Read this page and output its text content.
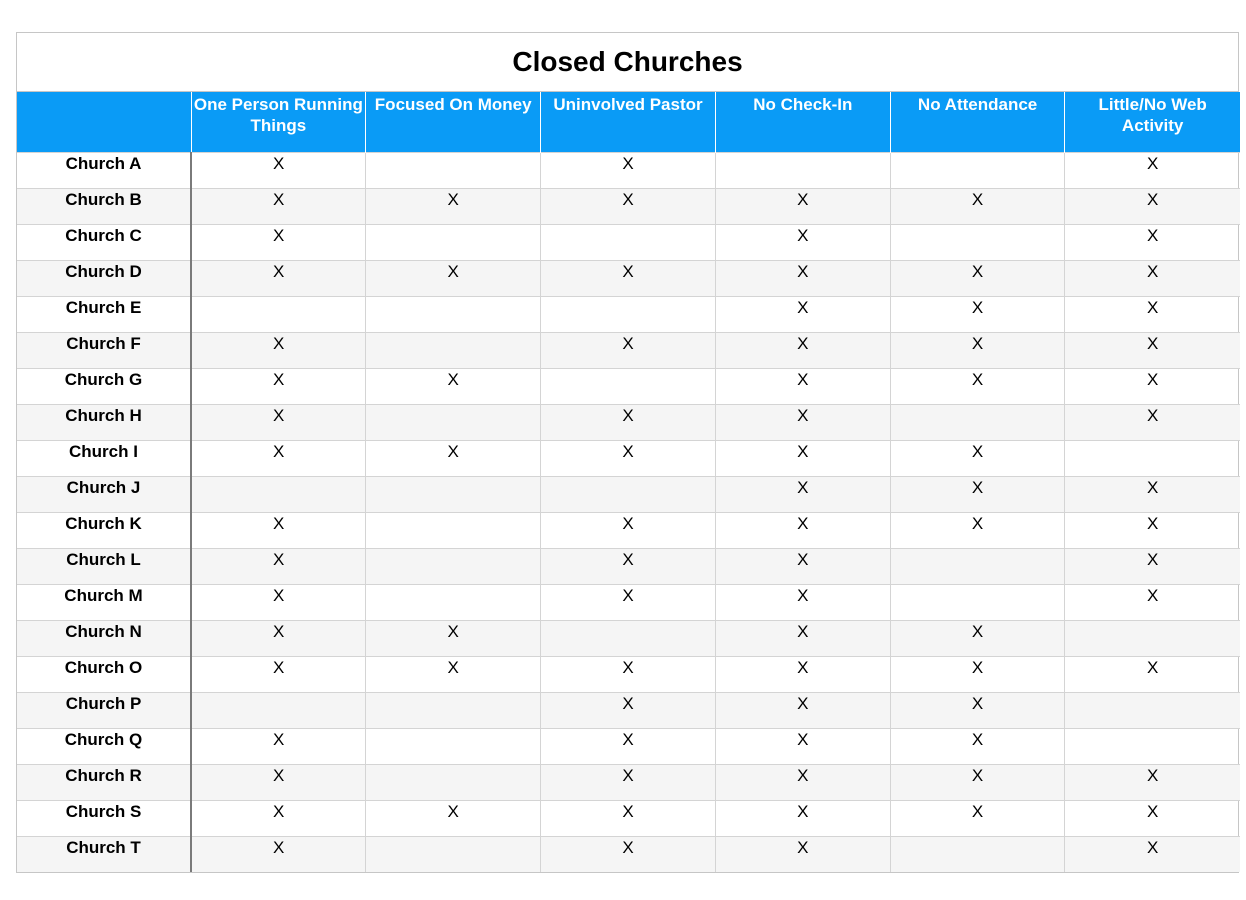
Closed Churches
	One Person Running Things	Focused On Money	Uninvolved Pastor	No Check-In	No Attendance	Little/No Web Activity
Church A	X		X			X
Church B	X	X	X	X	X	X
Church C	X			X		X
Church D	X	X	X	X	X	X
Church E				X	X	X
Church F	X		X	X	X	X
Church G	X	X		X	X	X
Church H	X		X	X		X
Church I	X	X	X	X	X	
Church J				X	X	X
Church K	X		X	X	X	X
Church L	X		X	X		X
Church M	X		X	X		X
Church N	X	X		X	X	
Church O	X	X	X	X	X	X
Church P			X	X	X	
Church Q	X		X	X	X	
Church R	X		X	X	X	X
Church S	X	X	X	X	X	X
Church T	X		X	X		X
